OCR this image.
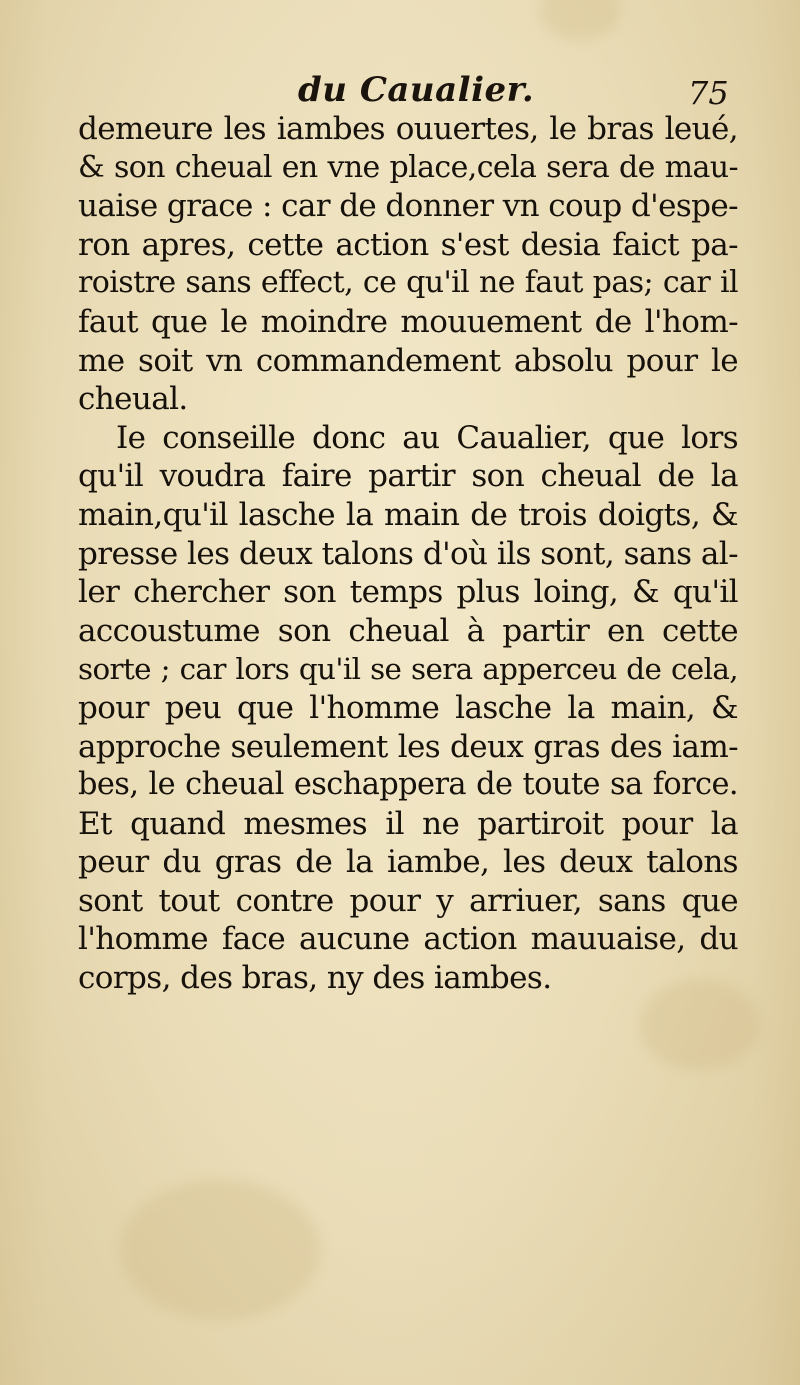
du Caualier.	75
demeure les iambes ouuertes, le bras leué,
& son cheual en vne place,cela sera de mau-
uaise grace : car de donner vn coup d'espe-
ron apres, cette action s'est desia faict pa-
roistre sans effect, ce qu'il ne faut pas; car il
faut que le moindre mouuement de l'hom-
me soit vn commandement absolu pour le
cheual.
Ie conseille donc au Caualier, que lors
qu'il voudra faire partir son cheual de la
main,qu'il lasche la main de trois doigts, &
presse les deux talons d'où ils sont, sans al-
ler chercher son temps plus loing, & qu'il
accoustume son cheual à partir en cette
sorte ; car lors qu'il se sera apperceu de cela,
pour peu que l'homme lasche la main, &
approche seulement les deux gras des iam-
bes, le cheual eschappera de toute sa force.
Et quand mesmes il ne partiroit pour la
peur du gras de la iambe, les deux talons
sont tout contre pour y arriuer, sans que
l'homme face aucune action mauuaise, du
corps, des bras, ny des iambes.
